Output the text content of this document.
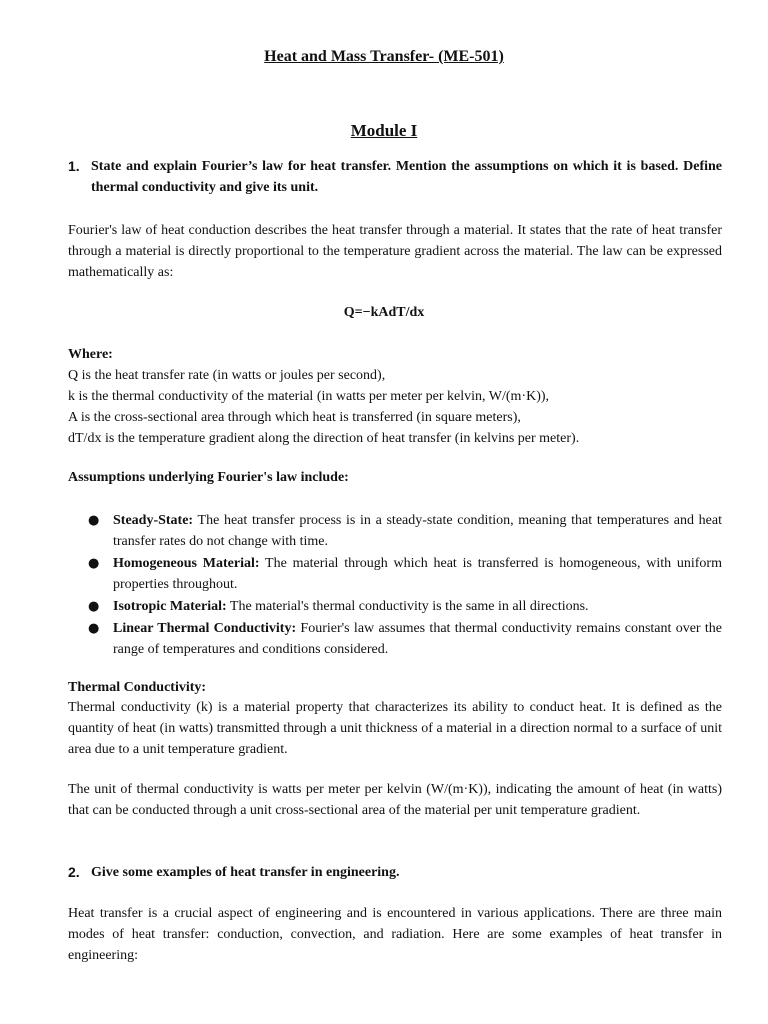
Heat and Mass Transfer- (ME-501)
Module I
1. State and explain Fourier’s law for heat transfer. Mention the assumptions on which it is based. Define thermal conductivity and give its unit.

Fourier's law of heat conduction describes the heat transfer through a material. It states that the rate of heat transfer through a material is directly proportional to the temperature gradient across the material. The law can be expressed mathematically as:

Q=−kAdT/dx
Where:

Q is the heat transfer rate (in watts or joules per second),

k is the thermal conductivity of the material (in watts per meter per kelvin, W/(m·K)),

A is the cross-sectional area through which heat is transferred (in square meters),

dT/dx is the temperature gradient along the direction of heat transfer (in kelvins per meter).

Assumptions underlying Fourier's law include:
● Steady-State: The heat transfer process is in a steady-state condition, meaning that temperatures and heat transfer rates do not change with time.
● Homogeneous Material: The material through which heat is transferred is homogeneous, with uniform properties throughout.
● Isotropic Material: The material's thermal conductivity is the same in all directions.
● Linear Thermal Conductivity: Fourier's law assumes that thermal conductivity remains constant over the range of temperatures and conditions considered.
Thermal Conductivity:

Thermal conductivity (k) is a material property that characterizes its ability to conduct heat. It is defined as the quantity of heat (in watts) transmitted through a unit thickness of a material in a direction normal to a surface of unit area due to a unit temperature gradient.

The unit of thermal conductivity is watts per meter per kelvin (W/(m·K)), indicating the amount of heat (in watts) that can be conducted through a unit cross-sectional area of the material per unit temperature gradient.

2. Give some examples of heat transfer in engineering.

Heat transfer is a crucial aspect of engineering and is encountered in various applications. There are three main modes of heat transfer: conduction, convection, and radiation. Here are some examples of heat transfer in engineering:
